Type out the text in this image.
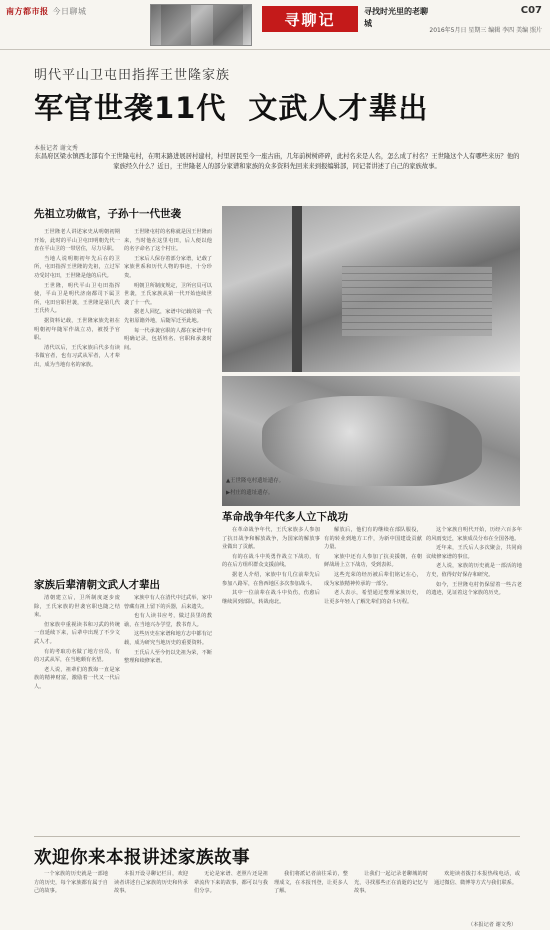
南方都市报 今日聊城	寻聊记	寻找时光里的老聊城
C07
2016年5月日 星期三 编辑 李四 美编 照片
明代平山卫屯田指挥王世隆家族
军官世袭11代 文武人才辈出
本报记者 谢文秀
东昌府区梁水镇西北部有个王世隆屯村，在明末路进展居村建村，村里居民至今一座古庙，几年前树树碎碎，此村名来是人名，怎么成了村名？王世隆这个人有哪些来历？他的家族经久什么？近日，王世隆老人的部分家谱和家族的众多资料先回来来到报编辑部，同记者讲述了自己的家族故事。
先祖立功做官，子孙十一代世袭

王世隆老人讲述家史从明朝初期开始，此时的平山卫屯田明朝先代一直在平山卫的一带居住，尽力尽职。

当地人说明朝初年先后在的卫所，屯田指挥王世隆的先祖，立过军功受封屯田，王世隆是他的后代。

王世隆，明代平山卫屯田指挥使，平山卫是明代济南都司下属卫所，屯田官职世袭，王世隆是第几代王氏传人。

据资料记载，王世隆家族先祖在明朝初年随军作战立功，被授予官职。

清代以后，王氏家族后代多有读书做官者，也有习武从军者，人才辈出，成为当地有名的家族。

王世隆屯村的名称就是因王世隆而来，当时他在这里屯田，后人便以他的名字命名了这个村庄。

王家后人保存着部分家谱，记载了家族世系和历代人物的事迹，十分珍贵。

明朝卫所制度规定，卫所官员可以世袭，王氏家族从第一代开始连续世袭了十一代。

据老人回忆，家谱中记载的第一代先祖原籍外地，后随军迁至此地。

每一代承袭官职的人都在家谱中有明确记录，包括姓名、官职和承袭时间。

▲王世隆屯村遗址遗存。
▶村庄的遗址遗存。
家族后辈清朝文武人才辈出

清朝建立后，卫所制度逐步废除，王氏家族的世袭官职也随之结束。

但家族中重视读书和习武的传统一直延续下来，后辈中出现了不少文武人才。

有的考取功名做了地方官员，有的习武从军，在当地颇有名望。

老人说，祖辈们的教诲一直是家族的精神财富，激励着一代又一代后人。

家族中有人在清代中过武举，家中曾藏有祖上留下的兵器，后来遗失。

也有人读书应考，做过县里的教谕，在当地兴办学堂，教书育人。

这些历史在家谱和地方志中都有记载，成为研究当地历史的重要资料。

王氏后人至今仍以先祖为荣，不断整理和续修家谱。

革命战争年代多人立下战功

在革命战争年代，王氏家族多人参加了抗日战争和解放战争，为国家的解放事业做出了贡献。

有的在战斗中英勇作战立下战功，有的在后方组织群众支援前线。

据老人介绍，家族中有几位前辈先后参加八路军，在鲁西地区多次参加战斗。

其中一位前辈在战斗中负伤，伤愈后继续回到部队，转战南北。

解放后，他们有的继续在部队服役，有的转业到地方工作，为新中国建设贡献力量。

家族中还有人参加了抗美援朝，在朝鲜战场上立下战功，受到表彰。

这些光荣的经历被后辈们铭记在心，成为家族精神传承的一部分。

老人表示，希望通过整理家族历史，让更多年轻人了解先辈们的奋斗历程。

这个家族自明代开始，历经六百多年的风雨变迁，家族成员分布在全国各地。

近年来，王氏后人多次聚会，共同商议续修家谱的事宜。

老人说，家族的历史就是一部活的地方史，值得好好保存和研究。

如今，王世隆屯村仍保留着一些古老的遗迹，见证着这个家族的历史。

欢迎你来本报讲述家族故事

一个家族的历史就是一部地方的历史，每个家族都有属于自己的故事。

本报开设寻聊记栏目，欢迎读者讲述自己家族的历史和传承故事。

无论是家谱、老照片还是祖辈流传下来的故事，都可以与我们分享。

我们将派记者前往采访，整理成文，在本报刊登，让更多人了解。

让我们一起记录老聊城的时光，寻找那些正在消逝的记忆与故事。

欢迎读者拨打本报热线电话，或通过微信、微博等方式与我们联系。

（本报记者 谢文秀）
